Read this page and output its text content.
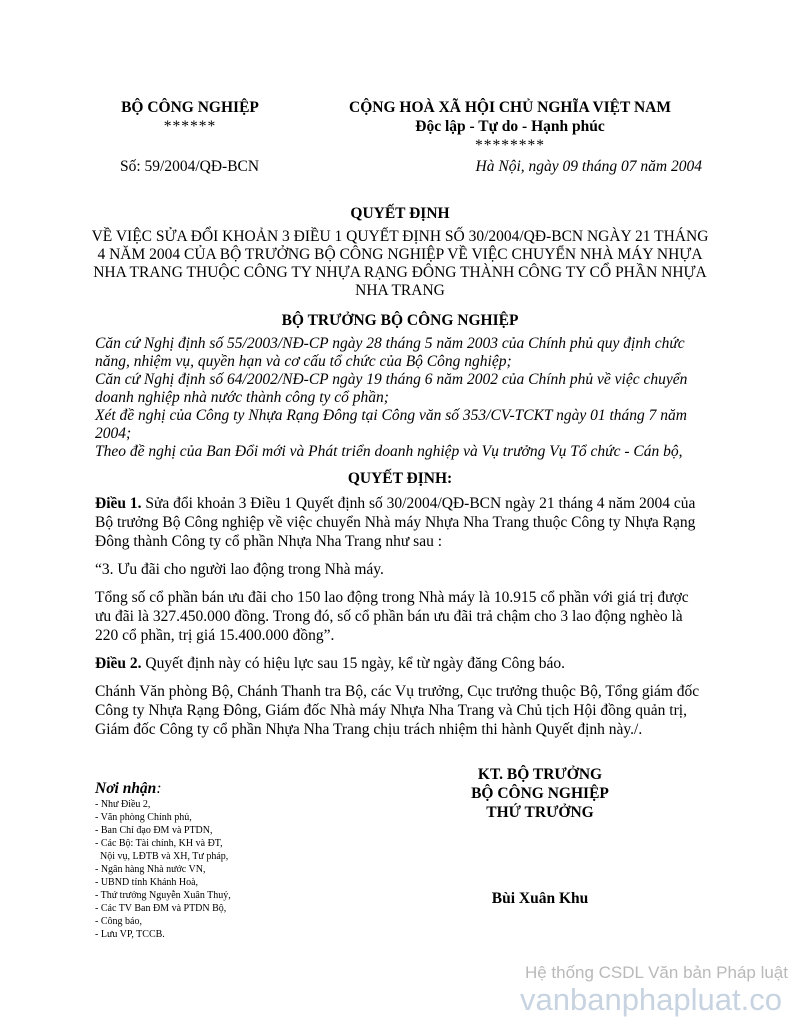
BỘ CÔNG NGHIỆP
******
CỘNG HOÀ XÃ HỘI CHỦ NGHĨA VIỆT NAM
Độc lập - Tự do - Hạnh phúc
********
Số: 59/2004/QĐ-BCN	Hà Nội, ngày 09 tháng 07 năm 2004
QUYẾT ĐỊNH
VỀ VIỆC SỬA ĐỔI KHOẢN 3 ĐIỀU 1 QUYẾT ĐỊNH SỐ 30/2004/QĐ-BCN NGÀY 21 THÁNG 4 NĂM 2004 CỦA BỘ TRƯỞNG BỘ CÔNG NGHIỆP VỀ VIỆC CHUYỂN NHÀ MÁY NHỰA NHA TRANG THUỘC CÔNG TY NHỰA RẠNG ĐÔNG THÀNH CÔNG TY CỔ PHẦN NHỰA NHA TRANG
BỘ TRƯỞNG BỘ CÔNG NGHIỆP

Căn cứ Nghị định số 55/2003/NĐ-CP ngày 28 tháng 5 năm 2003 của Chính phủ quy định chức năng, nhiệm vụ, quyền hạn và cơ cấu tổ chức của Bộ Công nghiệp;

Căn cứ Nghị định số 64/2002/NĐ-CP ngày 19 tháng 6 năm 2002 của Chính phủ về việc chuyển doanh nghiệp nhà nước thành công ty cổ phần;

Xét đề nghị của Công ty Nhựa Rạng Đông tại Công văn số 353/CV-TCKT ngày 01 tháng 7 năm 2004;

Theo đề nghị của Ban Đổi mới và Phát triển doanh nghiệp và Vụ trưởng Vụ Tổ chức - Cán bộ,

QUYẾT ĐỊNH:

Điều 1. Sửa đổi khoản 3 Điều 1 Quyết định số 30/2004/QĐ-BCN ngày 21 tháng 4 năm 2004 của Bộ trưởng Bộ Công nghiệp về việc chuyển Nhà máy Nhựa Nha Trang thuộc Công ty Nhựa Rạng Đông thành Công ty cổ phần Nhựa Nha Trang như sau :

“3. Ưu đãi cho người lao động trong Nhà máy.

Tổng số cổ phần bán ưu đãi cho 150 lao động trong Nhà máy là 10.915 cổ phần với giá trị được ưu đãi là 327.450.000 đồng. Trong đó, số cổ phần bán ưu đãi trả chậm cho 3 lao động nghèo là 220 cổ phần, trị giá 15.400.000 đồng”.

Điều 2. Quyết định này có hiệu lực sau 15 ngày, kể từ ngày đăng Công báo.

Chánh Văn phòng Bộ, Chánh Thanh tra Bộ, các Vụ trưởng, Cục trưởng thuộc Bộ, Tổng giám đốc Công ty Nhựa Rạng Đông, Giám đốc Nhà máy Nhựa Nha Trang và Chủ tịch Hội đồng quản trị, Giám đốc Công ty cổ phần Nhựa Nha Trang chịu trách nhiệm thi hành Quyết định này./.

KT. BỘ TRƯỞNG
BỘ CÔNG NGHIỆP
THỨ TRƯỞNG
Bùi Xuân Khu
Nơi nhận:
- Như Điều 2,
- Văn phòng Chính phủ,
- Ban Chỉ đạo ĐM và PTDN,
- Các Bộ: Tài chính, KH và ĐT,
Nội vụ, LĐTB và XH, Tư pháp,
- Ngân hàng Nhà nước VN,
- UBND tỉnh Khánh Hoà,
- Thứ trưởng Nguyễn Xuân Thuý,
- Các TV Ban ĐM và PTDN Bộ,
- Công báo,
- Lưu VP, TCCB.
Hệ thống CSDL Văn bản Pháp luật
vanbanphapluat.co
